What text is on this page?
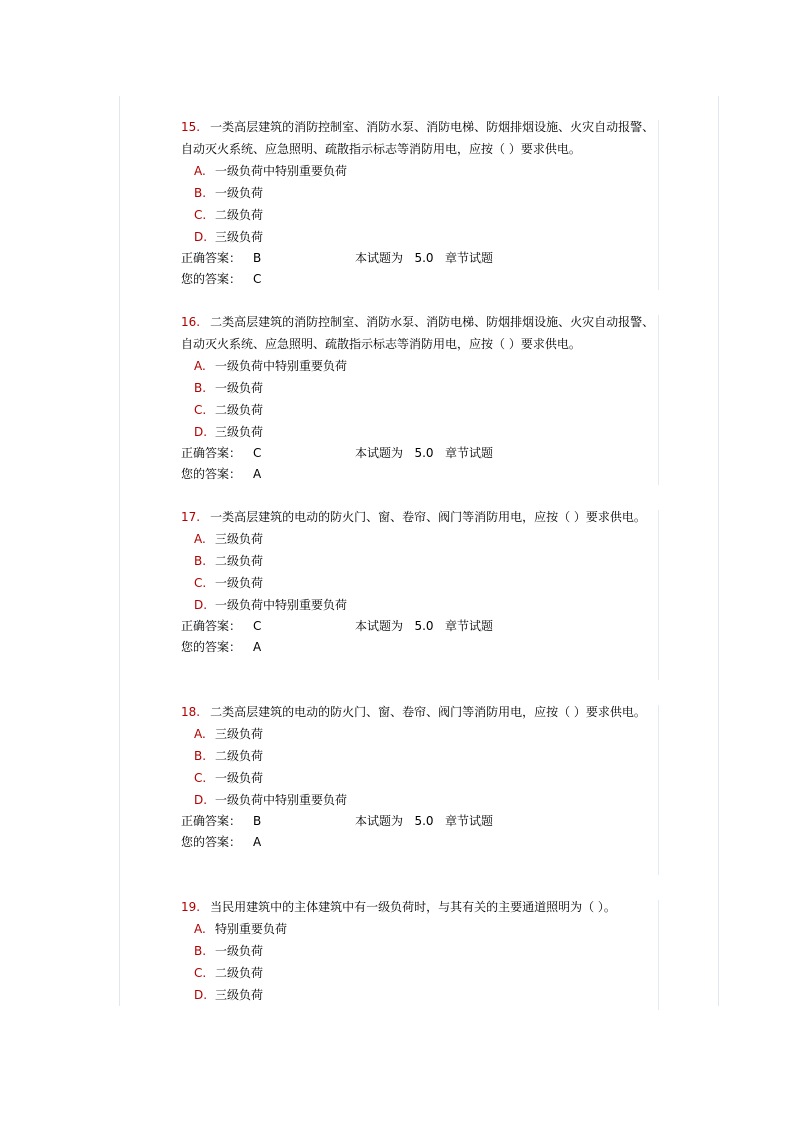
15. 一类高层建筑的消防控制室、消防水泵、消防电梯、防烟排烟设施、火灾自动报警、自动灭火系统、应急照明、疏散指示标志等消防用电，应按（ ）要求供电。
A. 一级负荷中特别重要负荷
B. 一级负荷
C. 二级负荷
D. 三级负荷
正确答案： B	本试题为 5.0 章节试题
您的答案： C
16. 二类高层建筑的消防控制室、消防水泵、消防电梯、防烟排烟设施、火灾自动报警、自动灭火系统、应急照明、疏散指示标志等消防用电，应按（ ）要求供电。
A. 一级负荷中特别重要负荷
B. 一级负荷
C. 二级负荷
D. 三级负荷
正确答案： C	本试题为 5.0 章节试题
您的答案： A
17. 一类高层建筑的电动的防火门、窗、卷帘、阀门等消防用电，应按（ ）要求供电。
A. 三级负荷
B. 二级负荷
C. 一级负荷
D. 一级负荷中特别重要负荷
正确答案： C	本试题为 5.0 章节试题
您的答案： A
18. 二类高层建筑的电动的防火门、窗、卷帘、阀门等消防用电，应按（ ）要求供电。
A. 三级负荷
B. 二级负荷
C. 一级负荷
D. 一级负荷中特别重要负荷
正确答案： B	本试题为 5.0 章节试题
您的答案： A
19. 当民用建筑中的主体建筑中有一级负荷时，与其有关的主要通道照明为（ ）。
A. 特别重要负荷
B. 一级负荷
C. 二级负荷
D. 三级负荷
